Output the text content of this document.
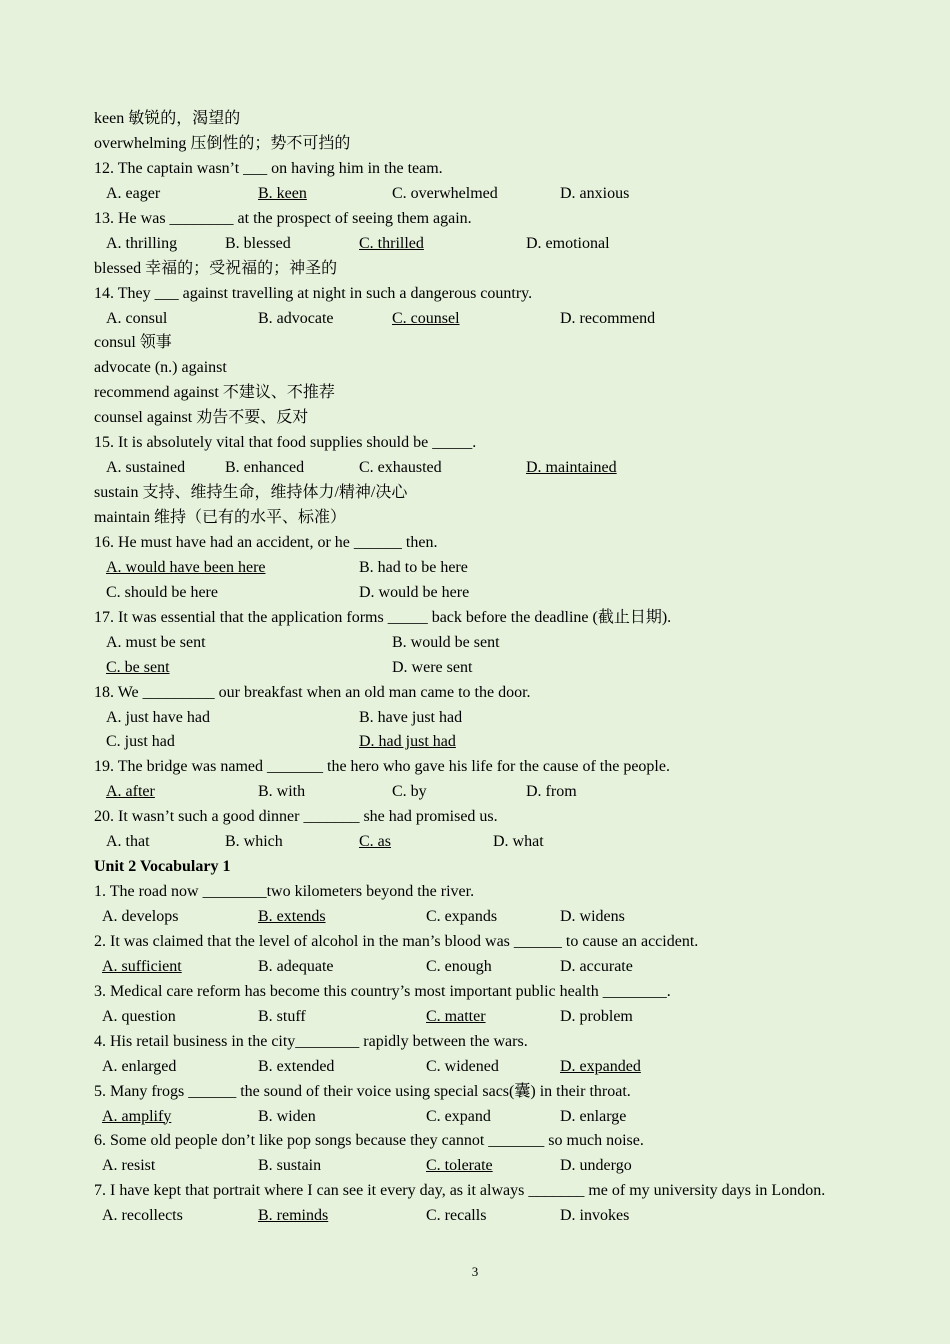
keen 敏锐的，渴望的
overwhelming 压倒性的；势不可挡的
12. The captain wasn’t ___ on having him in the team.
A. eager	B. keen	C. overwhelmed	D. anxious
13. He was ________ at the prospect of seeing them again.
A. thrilling	B. blessed	C. thrilled	D. emotional
blessed 幸福的；受祝福的；神圣的
14. They ___ against travelling at night in such a dangerous country.
A. consul	B. advocate	C. counsel	D. recommend
consul 领事
advocate (n.) against
recommend against 不建议、不推荐
counsel against 劝告不要、反对
15. It is absolutely vital that food supplies should be _____.
A. sustained B. enhanced	C. exhausted	D. maintained
sustain 支持、维持生命，维持体力/精神/决心
maintain 维持（已有的水平、标准）
16. He must have had an accident, or he ______ then.
A. would have been here	B. had to be here
C. should be here	D. would be here
17. It was essential that the application forms _____ back before the deadline (截止日期).
A. must be sent	B. would be sent
C. be sent	D. were sent
18. We _________ our breakfast when an old man came to the door.
A. just have had	B. have just had
C. just had	D. had just had
19. The bridge was named _______ the hero who gave his life for the cause of the people.
A. after	B. with	C. by	D. from
20. It wasn’t such a good dinner _______ she had promised us.
A. that	B. which	C. as	D. what
Unit 2 Vocabulary 1
1. The road now ________two kilometers beyond the river.
A. develops	B. extends	C. expands	D. widens
2. It was claimed that the level of alcohol in the man’s blood was ______ to cause an accident.
A. sufficient	B. adequate	C. enough	D. accurate
3. Medical care reform has become this country’s most important public health ________.
A. question	B. stuff	C. matter	D. problem
4. His retail business in the city________ rapidly between the wars.
A. enlarged	B. extended	C. widened	D. expanded
5. Many frogs ______ the sound of their voice using special sacs(囊) in their throat.
A. amplify	B. widen	C. expand	D. enlarge
6. Some old people don’t like pop songs because they cannot _______ so much noise.
A. resist	B. sustain	C. tolerate	D. undergo
7. I have kept that portrait where I can see it every day, as it always _______ me of my university days in London.
A. recollects	B. reminds	C. recalls	D. invokes
3
